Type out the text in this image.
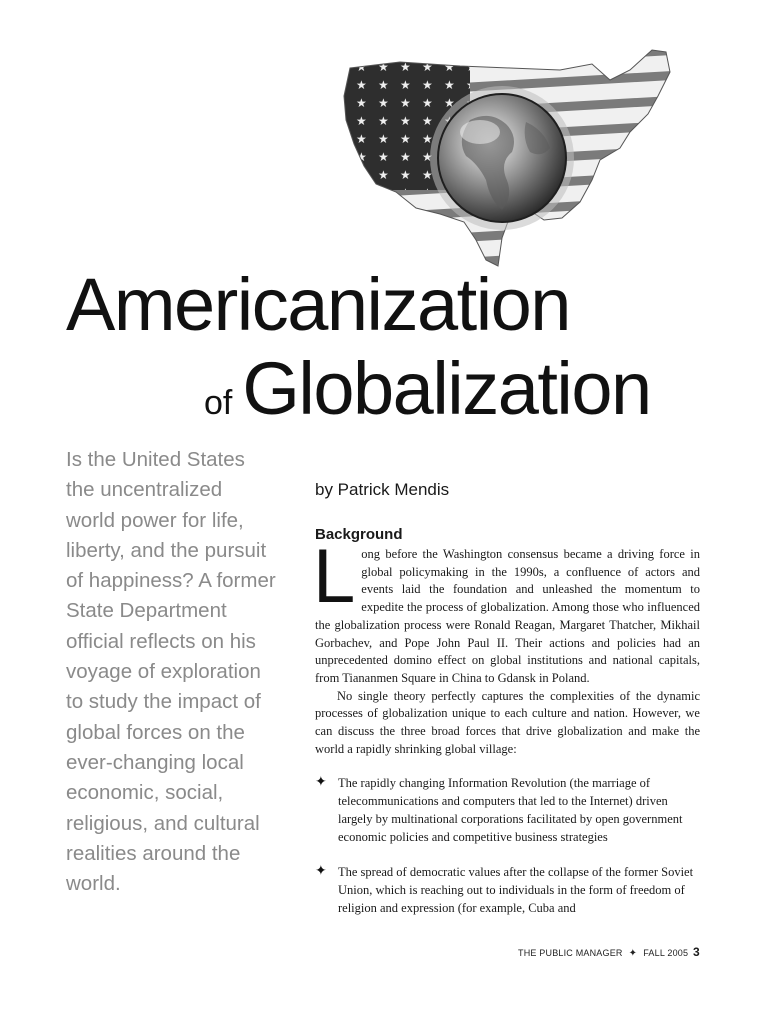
Americanization
of Globalization

Is the United States the uncentralized world power for life, liberty, and the pursuit of happiness? A former State Department official reflects on his voyage of exploration to study the impact of global forces on the ever-changing local economic, social, religious, and cultural realities around the world.

by Patrick Mendis
Background

Long before the Washington consensus became a driving force in global policymaking in the 1990s, a confluence of actors and events laid the foundation and unleashed the momentum to expedite the process of globalization. Among those who influenced the globalization process were Ronald Reagan, Margaret Thatcher, Mikhail Gorbachev, and Pope John Paul II. Their actions and policies had an unprecedented domino effect on global institutions and national capitals, from Tiananmen Square in China to Gdansk in Poland.

No single theory perfectly captures the complexities of the dynamic processes of globalization unique to each culture and nation. However, we can discuss the three broad forces that drive globalization and make the world a rapidly shrinking global village:

✦ The rapidly changing Information Revolution (the marriage of telecommunications and computers that led to the Internet) driven largely by multinational corporations facilitated by open government economic policies and competitive business strategies
✦ The spread of democratic values after the collapse of the former Soviet Union, which is reaching out to individuals in the form of freedom of religion and expression (for example, Cuba and
THE PUBLIC MANAGER ✦ FALL 2005 3
